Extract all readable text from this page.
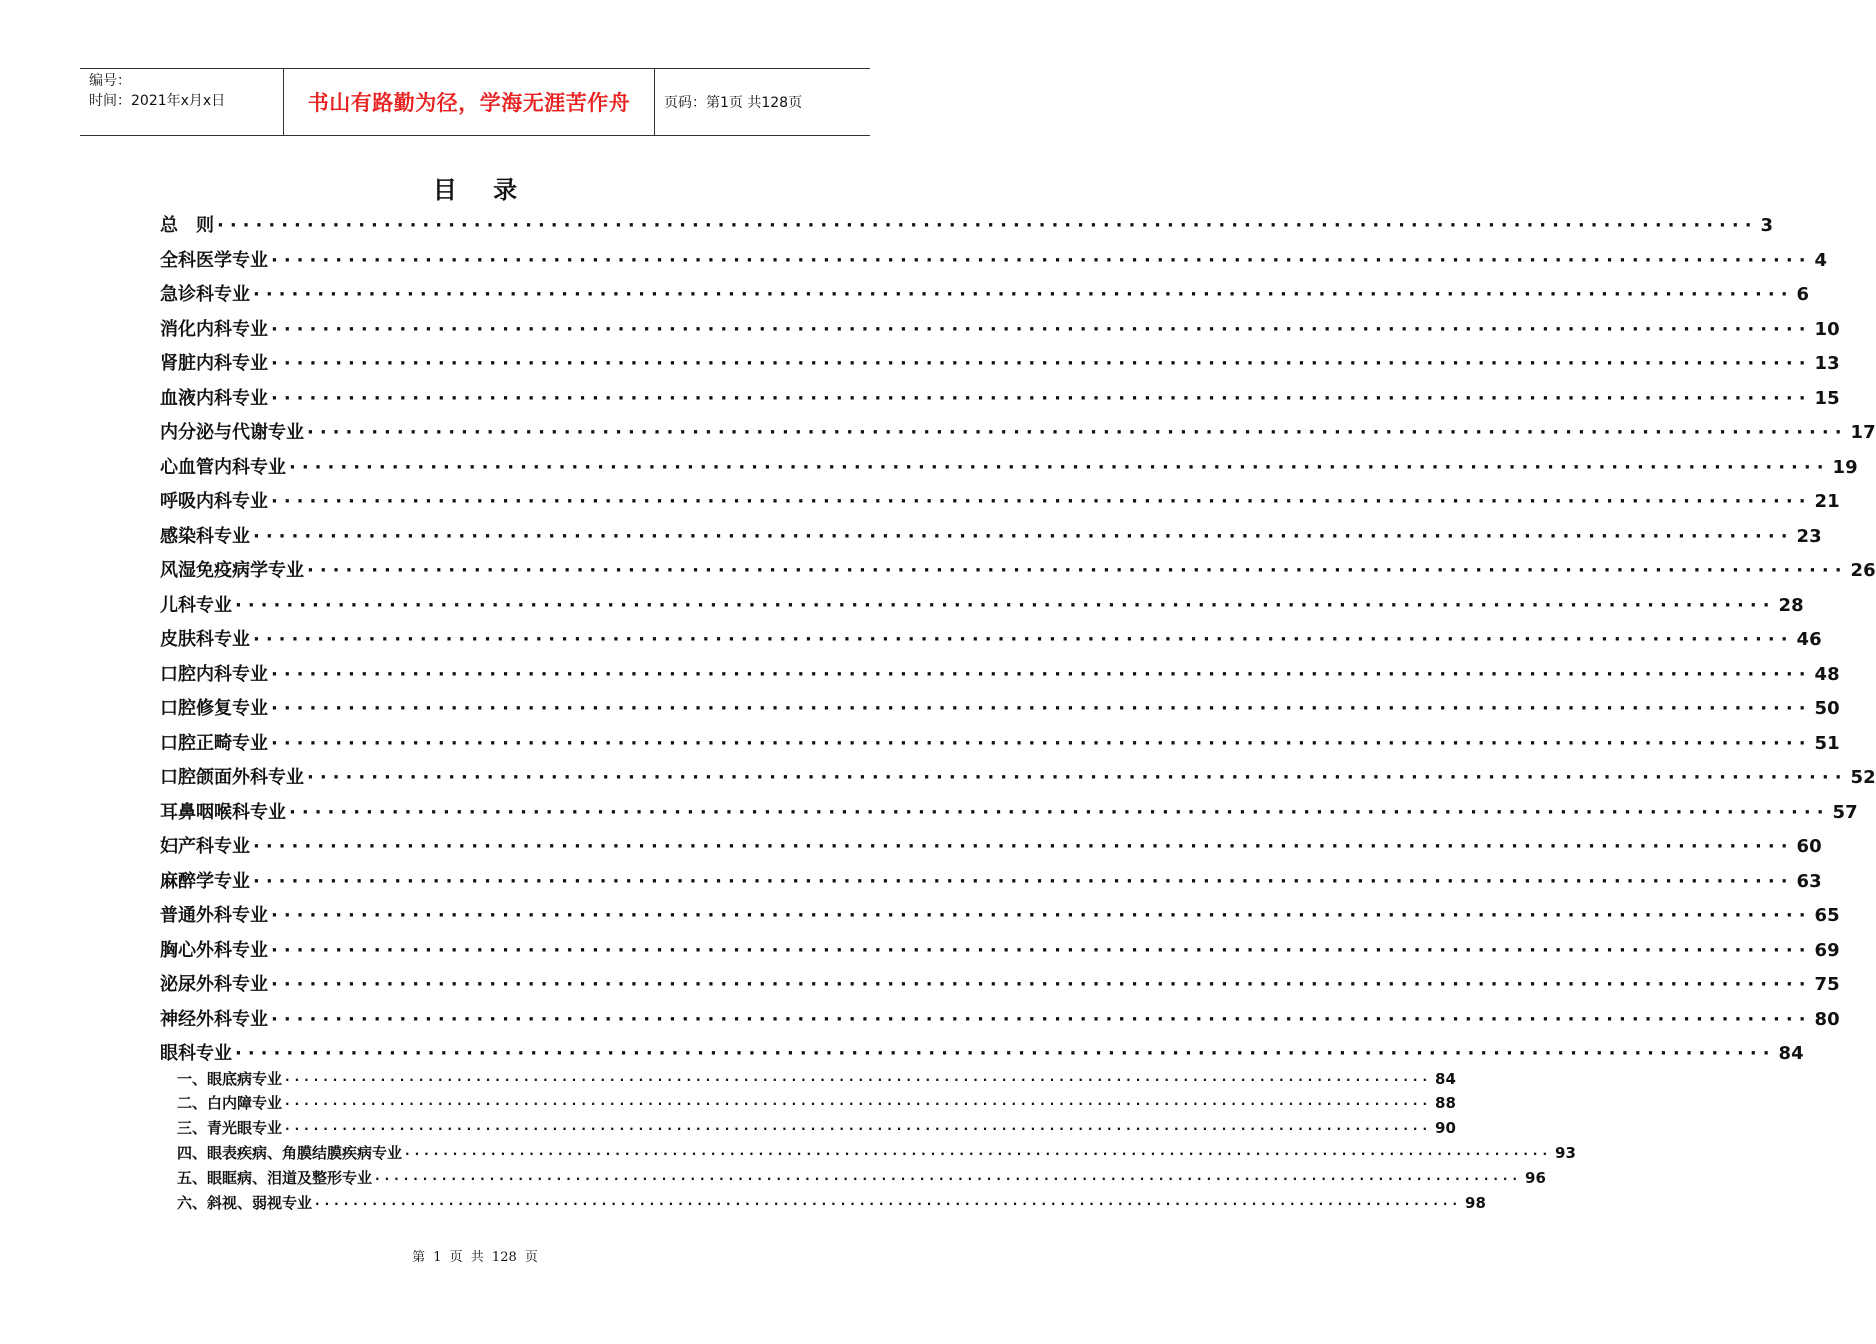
编号：
时间：2021年x月x日	书山有路勤为径，学海无涯苦作舟	页码：第1页 共128页
目 录
总　则 ························································································································ 3
全科医学专业 ························································································································ 4
急诊科专业 ························································································································ 6
消化内科专业 ························································································································ 10
肾脏内科专业 ························································································································ 13
血液内科专业 ························································································································ 15
内分泌与代谢专业 ························································································································ 17
心血管内科专业 ························································································································ 19
呼吸内科专业 ························································································································ 21
感染科专业 ························································································································ 23
风湿免疫病学专业 ························································································································ 26
儿科专业 ························································································································ 28
皮肤科专业 ························································································································ 46
口腔内科专业 ························································································································ 48
口腔修复专业 ························································································································ 50
口腔正畸专业 ························································································································ 51
口腔颌面外科专业 ························································································································ 52
耳鼻咽喉科专业 ························································································································ 57
妇产科专业 ························································································································ 60
麻醉学专业 ························································································································ 63
普通外科专业 ························································································································ 65
胸心外科专业 ························································································································ 69
泌尿外科专业 ························································································································ 75
神经外科专业 ························································································································ 80
眼科专业 ························································································································ 84
一、眼底病专业 ························································································································ 84
二、白内障专业 ························································································································ 88
三、青光眼专业 ························································································································ 90
四、眼表疾病、角膜结膜疾病专业 ························································································································ 93
五、眼眶病、泪道及整形专业 ························································································································ 96
六、斜视、弱视专业 ························································································································ 98
第 1 页 共 128 页
